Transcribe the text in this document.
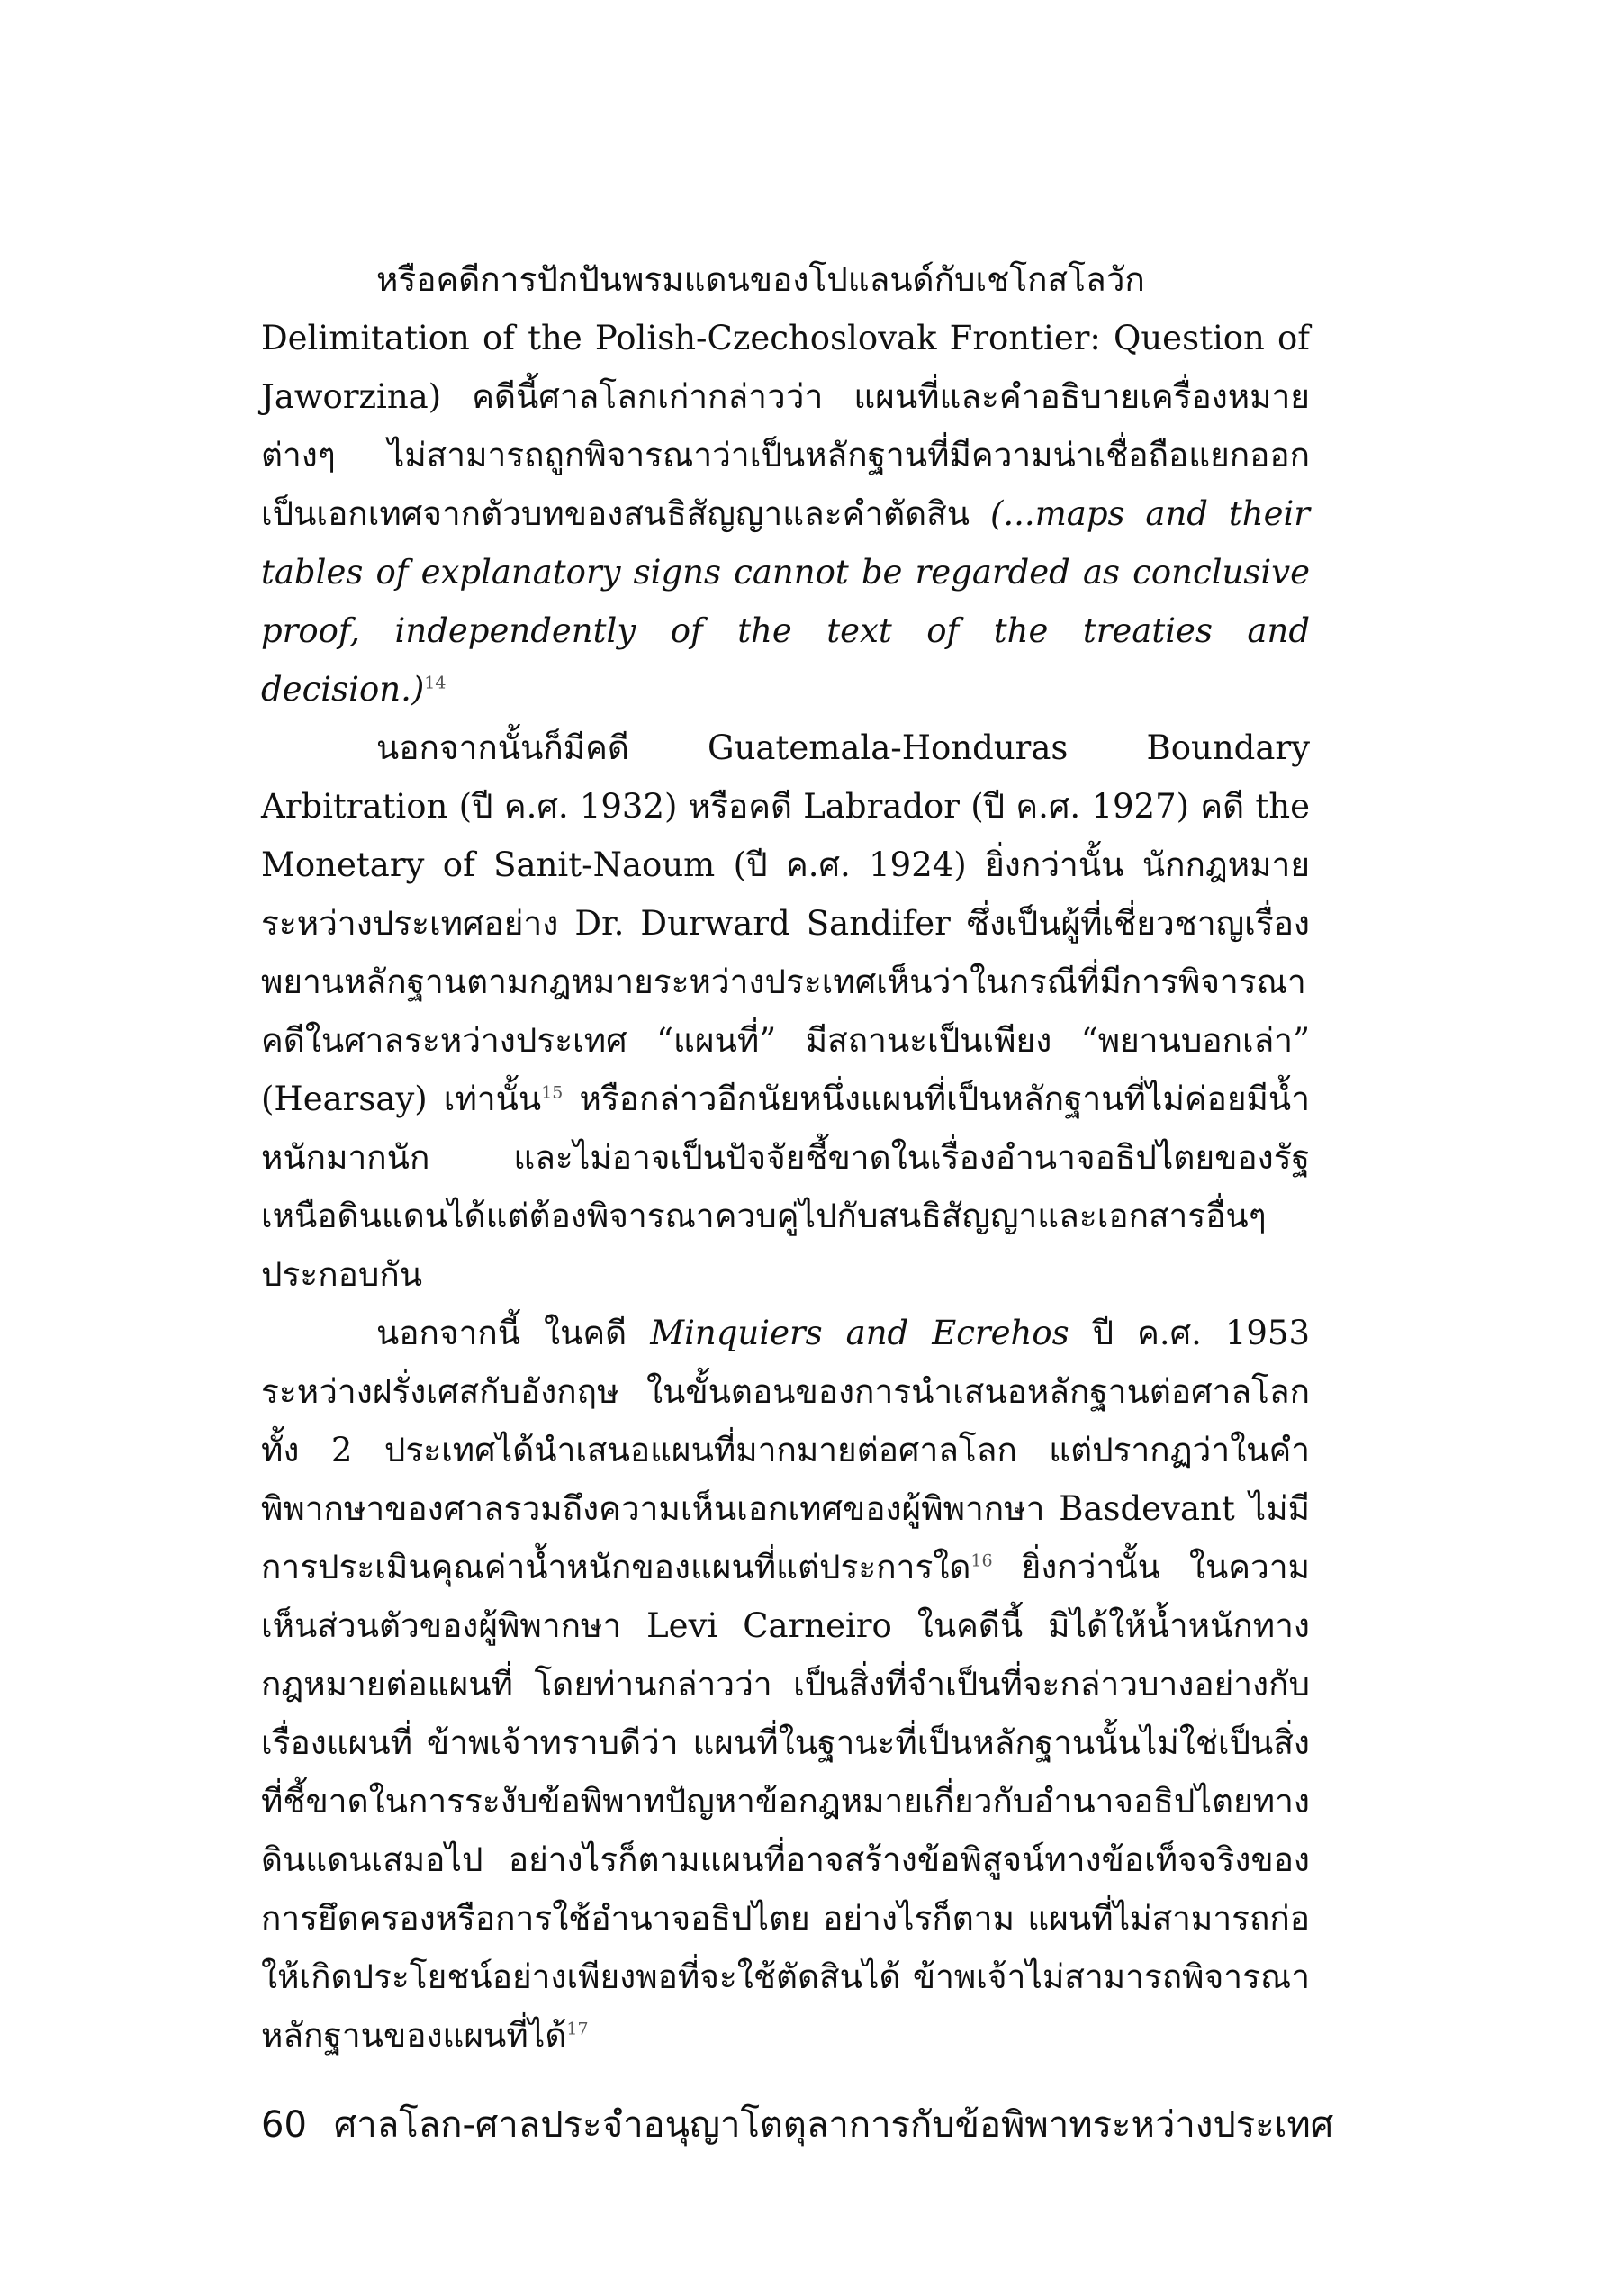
หรือคดีการปักปันพรมแดนของโปแลนด์กับเชโกสโลวัก Delimitation of the Polish-Czechoslovak Frontier: Question of Jaworzina) คดีนี้ศาลโลกเก่ากล่าวว่า แผนที่และคำอธิบายเครื่องหมายต่างๆ ไม่สามารถถูกพิจารณาว่าเป็นหลักฐานที่มีความน่าเชื่อถือแยกออกเป็นเอกเทศจากตัวบทของสนธิสัญญาและคำตัดสิน (...maps and their tables of explanatory signs cannot be regarded as conclusive proof, independently of the text of the treaties and decision.)$^{14}$

นอกจากนั้นก็มีคดี Guatemala-Honduras Boundary Arbitration (ปี ค.ศ. 1932) หรือคดี Labrador (ปี ค.ศ. 1927) คดี the Monetary of Sanit-Naoum (ปี ค.ศ. 1924) ยิ่งกว่านั้น นักกฎหมายระหว่างประเทศอย่าง Dr. Durward Sandifer ซึ่งเป็นผู้ที่เชี่ยวชาญเรื่องพยานหลักฐานตามกฎหมายระหว่างประเทศเห็นว่าในกรณีที่มีการพิจารณาคดีในศาลระหว่างประเทศ “แผนที่” มีสถานะเป็นเพียง “พยานบอกเล่า” (Hearsay) เท่านั้น$^{15}$ หรือกล่าวอีกนัยหนึ่งแผนที่เป็นหลักฐานที่ไม่ค่อยมีน้ำหนักมากนัก และไม่อาจเป็นปัจจัยชี้ขาดในเรื่องอำนาจอธิปไตยของรัฐเหนือดินแดนได้แต่ต้องพิจารณาควบคู่ไปกับสนธิสัญญาและเอกสารอื่นๆ ประกอบกัน

นอกจากนี้ ในคดี Minquiers and Ecrehos ปี ค.ศ. 1953 ระหว่างฝรั่งเศสกับอังกฤษ ในขั้นตอนของการนำเสนอหลักฐานต่อศาลโลก ทั้ง 2 ประเทศได้นำเสนอแผนที่มากมายต่อศาลโลก แต่ปรากฏว่าในคำพิพากษาของศาลรวมถึงความเห็นเอกเทศของผู้พิพากษา Basdevant ไม่มีการประเมินคุณค่าน้ำหนักของแผนที่แต่ประการใด$^{16}$ ยิ่งกว่านั้น ในความเห็นส่วนตัวของผู้พิพากษา Levi Carneiro ในคดีนี้ มิได้ให้น้ำหนักทางกฎหมายต่อแผนที่ โดยท่านกล่าวว่า เป็นสิ่งที่จำเป็นที่จะกล่าวบางอย่างกับเรื่องแผนที่ ข้าพเจ้าทราบดีว่า แผนที่ในฐานะที่เป็นหลักฐานนั้นไม่ใช่เป็นสิ่งที่ชี้ขาดในการระงับข้อพิพาทปัญหาข้อกฎหมายเกี่ยวกับอำนาจอธิปไตยทางดินแดนเสมอไป อย่างไรก็ตามแผนที่อาจสร้างข้อพิสูจน์ทางข้อเท็จจริงของการยึดครองหรือการใช้อำนาจอธิปไตย อย่างไรก็ตาม แผนที่ไม่สามารถก่อให้เกิดประโยชน์อย่างเพียงพอที่จะใช้ตัดสินได้ ข้าพเจ้าไม่สามารถพิจารณาหลักฐานของแผนที่ได้$^{17}$

60 ศาลโลก-ศาลประจำอนุญาโตตุลาการกับข้อพิพาทระหว่างประเทศ
